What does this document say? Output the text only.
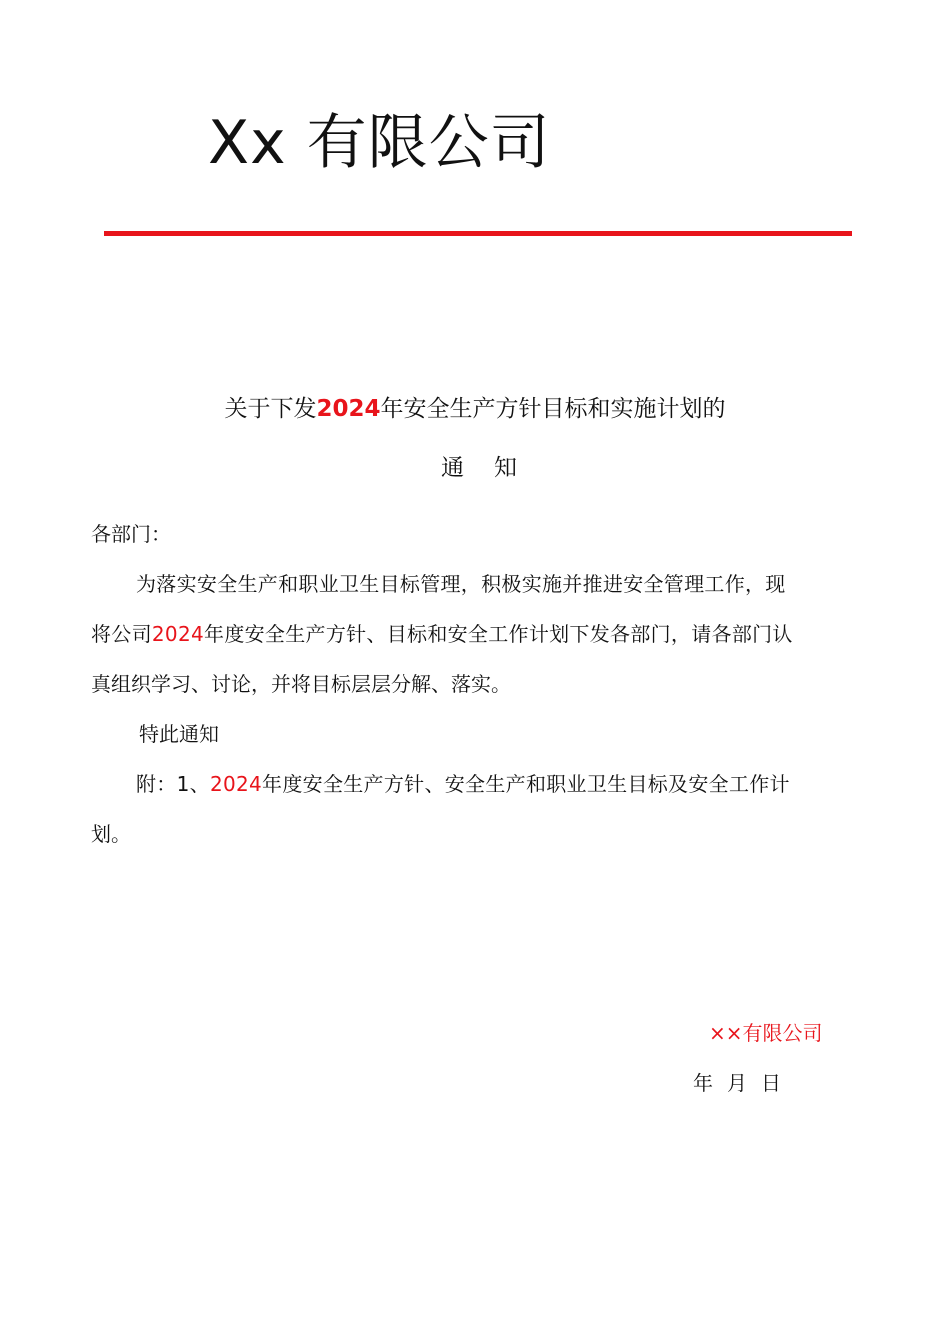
Xx 有限公司
关于下发2024年安全生产方针目标和实施计划的
通 知
各部门：
为落实安全生产和职业卫生目标管理，积极实施并推进安全管理工作，现
将公司2024年度安全生产方针、目标和安全工作计划下发各部门，请各部门认
真组织学习、讨论，并将目标层层分解、落实。
特此通知
附：1、2024年度安全生产方针、安全生产和职业卫生目标及安全工作计
划。
××有限公司
年 月 日
